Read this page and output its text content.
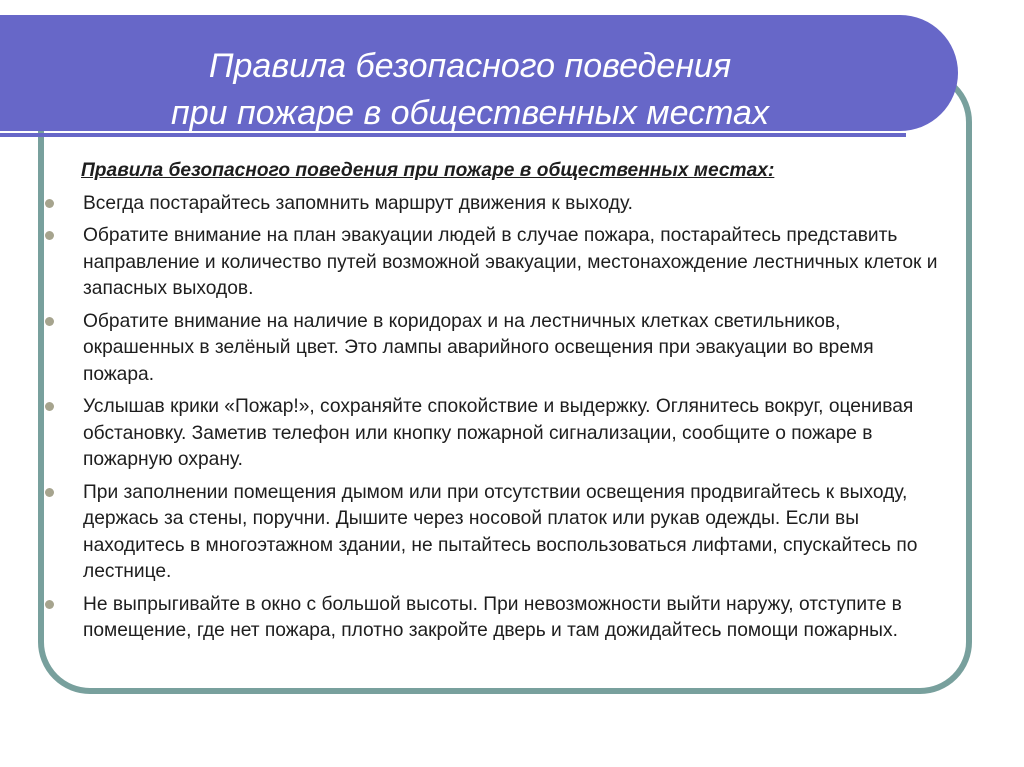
Правила безопасного поведения
при пожаре в общественных местах
Правила безопасного поведения при пожаре в общественных местах:
Всегда постарайтесь запомнить маршрут движения к выходу.
Обратите внимание на план эвакуации людей в случае пожара, постарайтесь представить направление и количество путей возможной эвакуации, местонахождение лестничных клеток и запасных выходов.
Обратите внимание на наличие в коридорах и на лестничных клетках светильников, окрашенных в зелёный цвет. Это лампы аварийного освещения при эвакуации во время пожара.
Услышав крики «Пожар!», сохраняйте спокойствие и выдержку. Оглянитесь вокруг, оценивая обстановку. Заметив телефон или кнопку пожарной сигнализации, сообщите о пожаре в пожарную охрану.
При заполнении помещения дымом или при отсутствии освещения продвигайтесь к выходу, держась за стены, поручни. Дышите через носовой платок или рукав одежды. Если вы находитесь в многоэтажном здании, не пытайтесь воспользоваться лифтами, спускайтесь по лестнице.
Не выпрыгивайте в окно с большой высоты. При невозможности выйти наружу, отступите в помещение, где нет пожара, плотно закройте дверь и там дожидайтесь помощи пожарных.
